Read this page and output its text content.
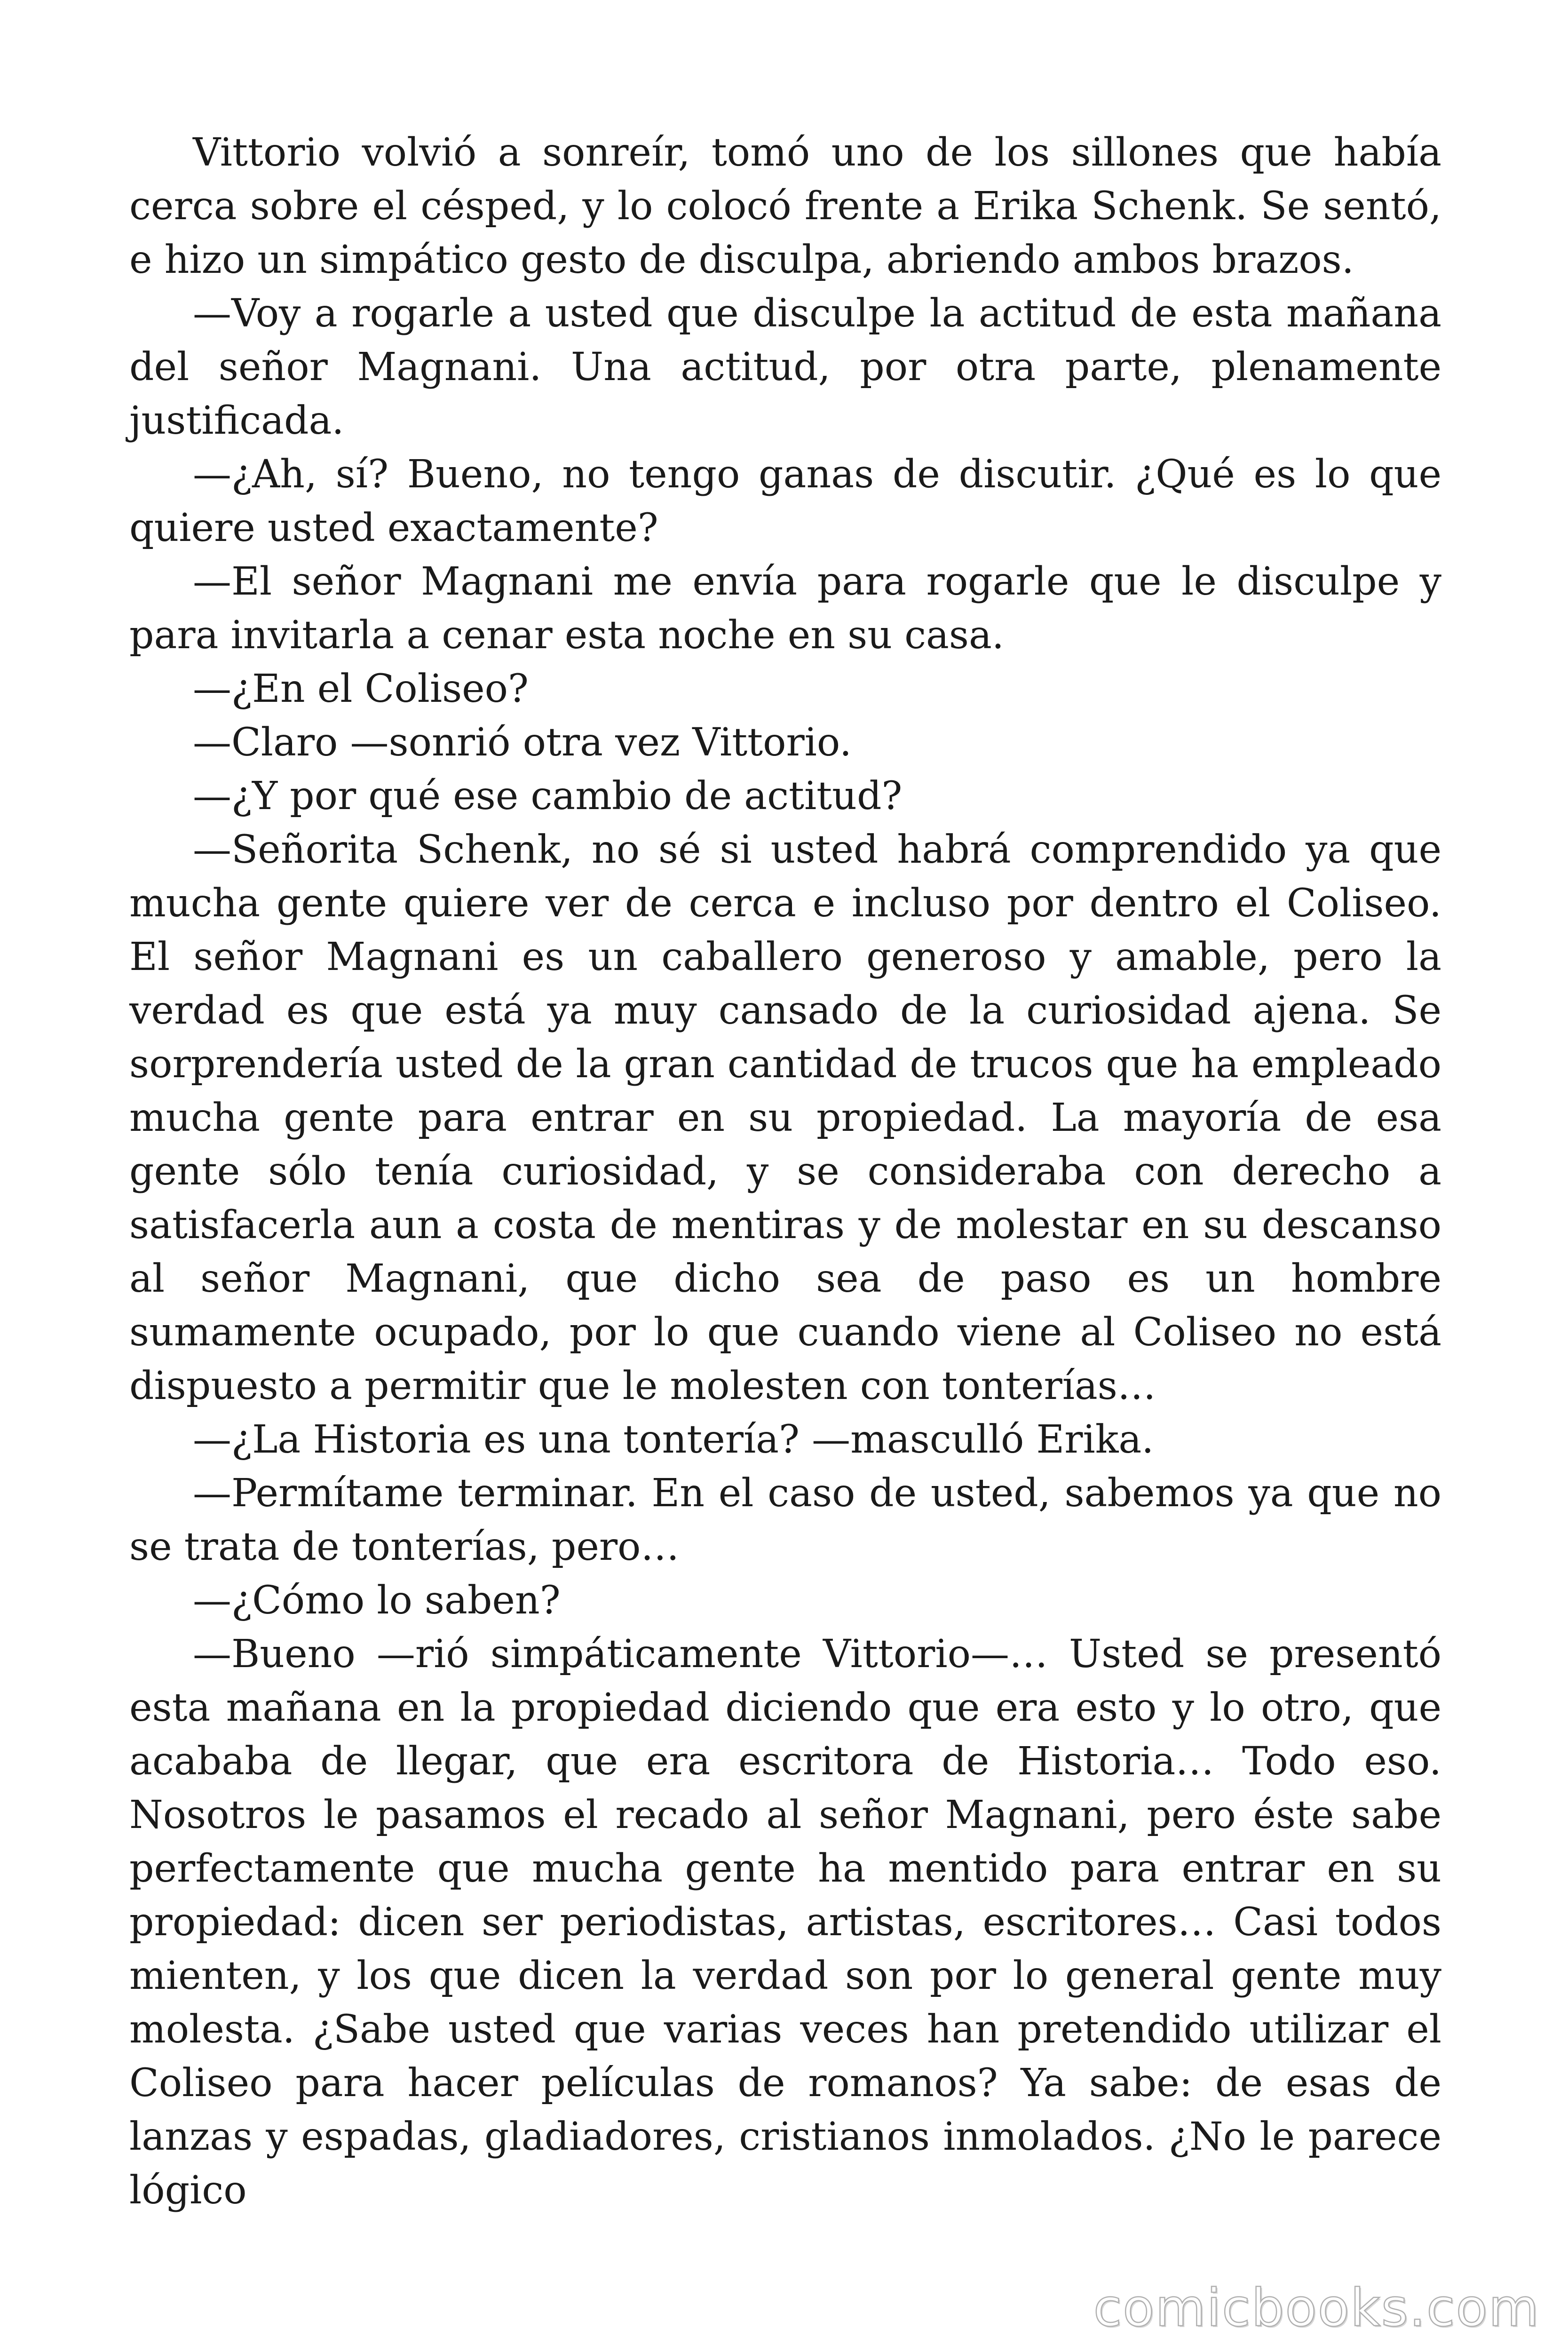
Vittorio volvió a sonreír, tomó uno de los sillones que había cerca sobre el césped, y lo colocó frente a Erika Schenk. Se sentó, e hizo un simpático gesto de disculpa, abriendo ambos brazos.

—Voy a rogarle a usted que disculpe la actitud de esta mañana del señor Magnani. Una actitud, por otra parte, plenamente justificada.

—¿Ah, sí? Bueno, no tengo ganas de discutir. ¿Qué es lo que quiere usted exactamente?

—El señor Magnani me envía para rogarle que le disculpe y para invitarla a cenar esta noche en su casa.

—¿En el Coliseo?

—Claro —sonrió otra vez Vittorio.

—¿Y por qué ese cambio de actitud?

—Señorita Schenk, no sé si usted habrá comprendido ya que mucha gente quiere ver de cerca e incluso por dentro el Coliseo. El señor Magnani es un caballero generoso y amable, pero la verdad es que está ya muy cansado de la curiosidad ajena. Se sorprendería usted de la gran cantidad de trucos que ha empleado mucha gente para entrar en su propiedad. La mayoría de esa gente sólo tenía curiosidad, y se consideraba con derecho a satisfacerla aun a costa de mentiras y de molestar en su descanso al señor Magnani, que dicho sea de paso es un hombre sumamente ocupado, por lo que cuando viene al Coliseo no está dispuesto a permitir que le molesten con tonterías…

—¿La Historia es una tontería? —masculló Erika.

—Permítame terminar. En el caso de usted, sabemos ya que no se trata de tonterías, pero…

—¿Cómo lo saben?

—Bueno —rió simpáticamente Vittorio—… Usted se presentó esta mañana en la propiedad diciendo que era esto y lo otro, que acababa de llegar, que era escritora de Historia… Todo eso. Nosotros le pasamos el recado al señor Magnani, pero éste sabe perfectamente que mucha gente ha mentido para entrar en su propiedad: dicen ser periodistas, artistas, escritores… Casi todos mienten, y los que dicen la verdad son por lo general gente muy molesta. ¿Sabe usted que varias veces han pretendido utilizar el Coliseo para hacer películas de romanos? Ya sabe: de esas de lanzas y espadas, gladiadores, cristianos inmolados. ¿No le parece lógico

comicbooks.com
